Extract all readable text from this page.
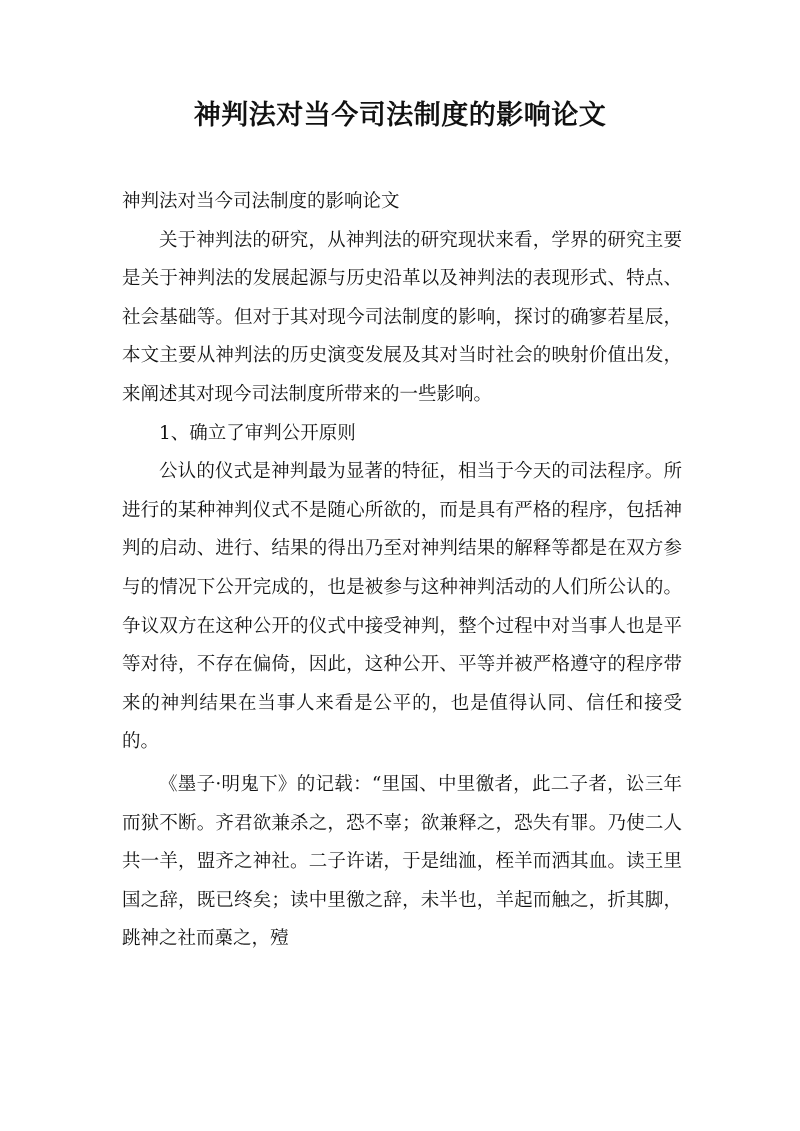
神判法对当今司法制度的影响论文

神判法对当今司法制度的影响论文

关于神判法的研究，从神判法的研究现状来看，学界的研究主要是关于神判法的发展起源与历史沿革以及神判法的表现形式、特点、社会基础等。但对于其对现今司法制度的影响，探讨的确寥若星辰，本文主要从神判法的历史演变发展及其对当时社会的映射价值出发，来阐述其对现今司法制度所带来的一些影响。

1、确立了审判公开原则

公认的仪式是神判最为显著的特征，相当于今天的司法程序。所进行的某种神判仪式不是随心所欲的，而是具有严格的程序，包括神判的启动、进行、结果的得出乃至对神判结果的解释等都是在双方参与的情况下公开完成的，也是被参与这种神判活动的人们所公认的。争议双方在这种公开的仪式中接受神判，整个过程中对当事人也是平等对待，不存在偏倚，因此，这种公开、平等并被严格遵守的程序带来的神判结果在当事人来看是公平的，也是值得认同、信任和接受的。

《墨子·明鬼下》的记载：“里国、中里徼者，此二子者，讼三年而狱不断。齐君欲兼杀之，恐不辜；欲兼释之，恐失有罪。乃使二人共一羊，盟齐之神社。二子许诺，于是绌洫，桎羊而洒其血。读王里国之辞，既已终矣；读中里徼之辞，未半也，羊起而触之，折其脚，跳神之社而槀之，殪
